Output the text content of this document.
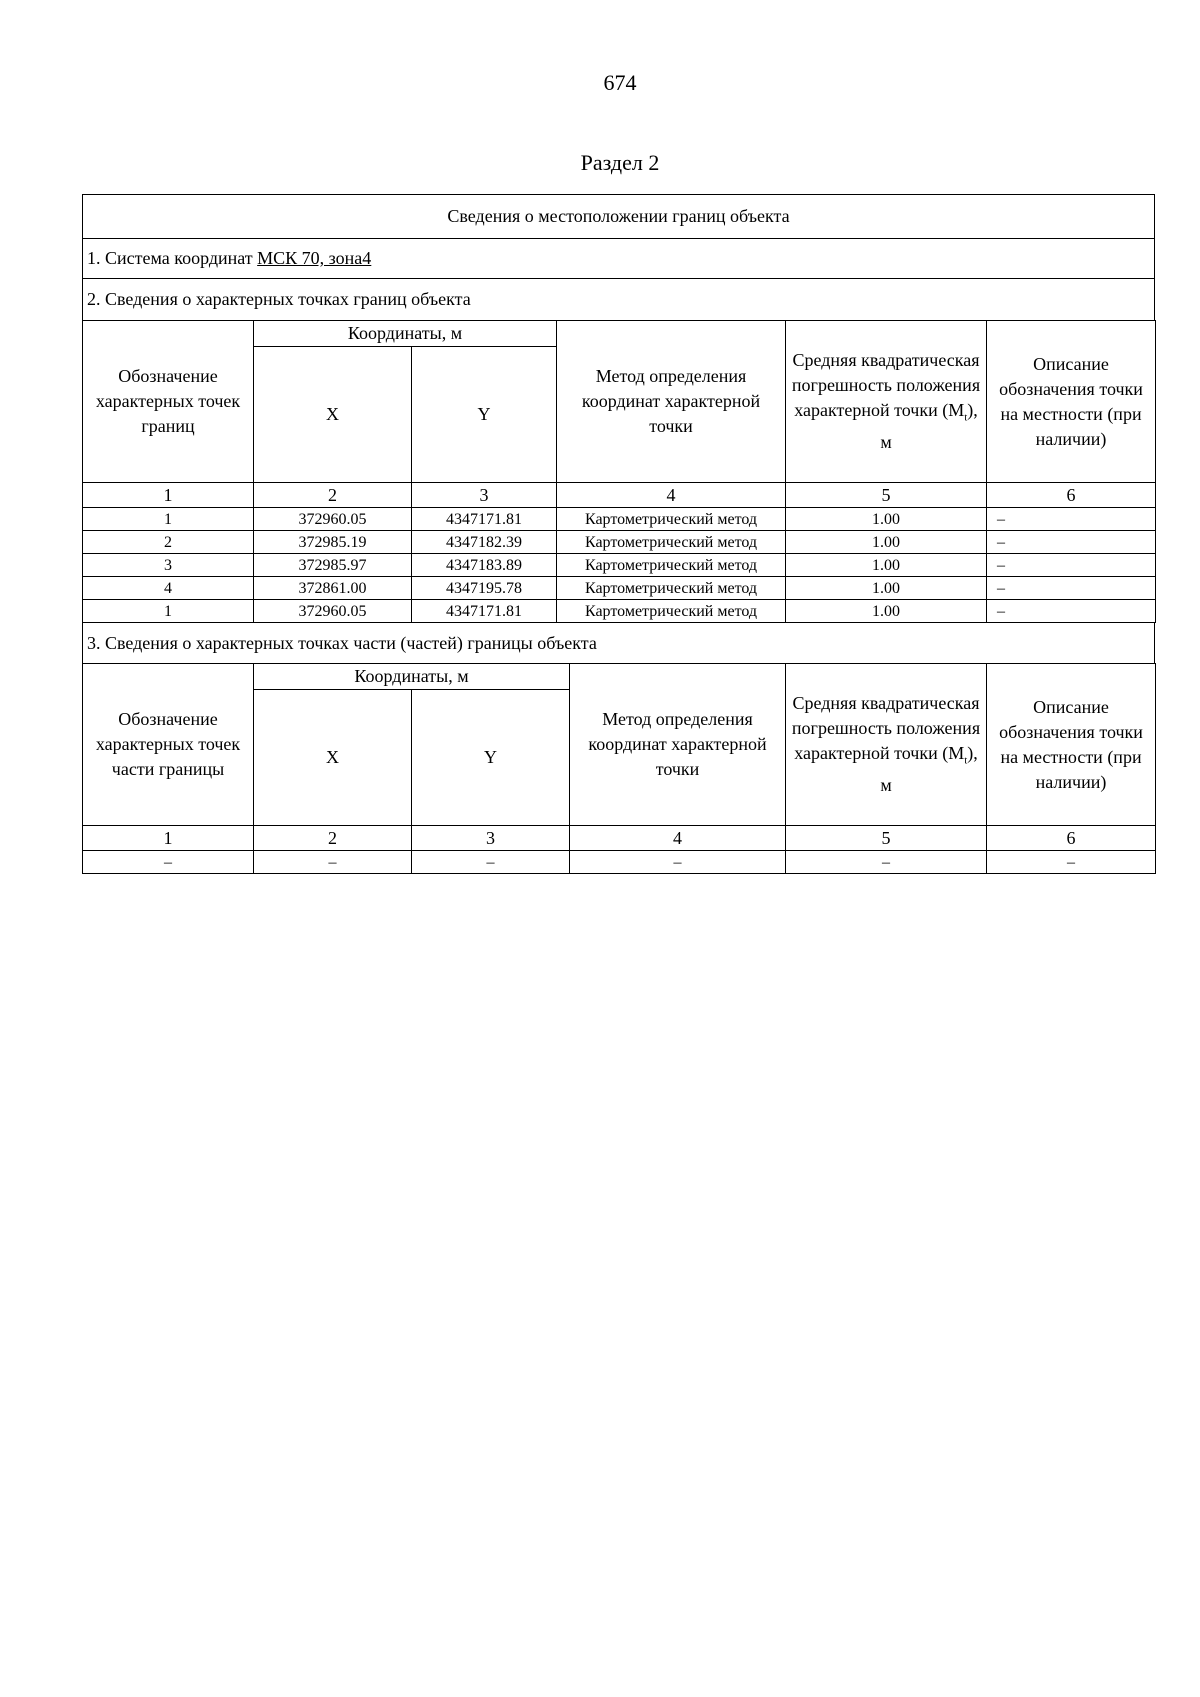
674
Раздел 2
Сведения о местоположении границ объекта
1. Система координат МСК 70, зона4
2. Сведения о характерных точках границ объекта
Обозначение характерных точек границ	Координаты, м		Метод определения координат характерной точки	Средняя квадратическая погрешность положения характерной точки $(M_t)$, м	Описание обозначения точки на местности (при наличии)
	X	Y			
1	2	3	4	5	6
1	372960.05	4347171.81	Картометрический метод	1.00	–
2	372985.19	4347182.39	Картометрический метод	1.00	–
3	372985.97	4347183.89	Картометрический метод	1.00	–
4	372861.00	4347195.78	Картометрический метод	1.00	–
1	372960.05	4347171.81	Картометрический метод	1.00	–
3. Сведения о характерных точках части (частей) границы объекта
Обозначение характерных точек части границы	Координаты, м		Метод определения координат характерной точки	Средняя квадратическая погрешность положения характерной точки $(M_t)$, м	Описание обозначения точки на местности (при наличии)
	X	Y			
1	2	3	4	5	6
–	–	–	–	–	–
